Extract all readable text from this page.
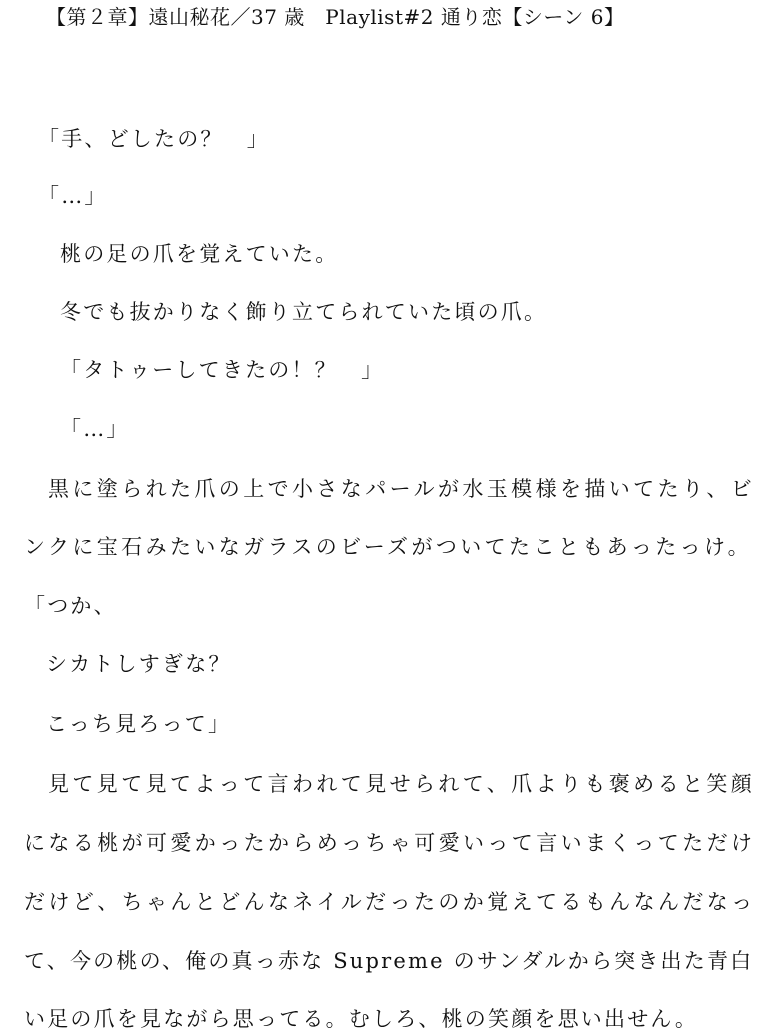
【第２章】遠山秘花／37 歳　Playlist#2 通り恋【シーン 6】
「手、どしたの？　」
「…」
桃の足の爪を覚えていた。
冬でも抜かりなく飾り立てられていた頃の爪。
「タトゥーしてきたの！？　」
「…」
黒に塗られた爪の上で小さなパールが水玉模様を描いてたり、ビ
ンクに宝石みたいなガラスのビーズがついてたこともあったっけ。
「つか、
シカトしすぎな？
こっち見ろって」
見て見て見てよって言われて見せられて、爪よりも褒めると笑顔
になる桃が可愛かったからめっちゃ可愛いって言いまくってただけ
だけど、ちゃんとどんなネイルだったのか覚えてるもんなんだなっ
て、今の桃の、俺の真っ赤な Supreme のサンダルから突き出た青白
い足の爪を見ながら思ってる。むしろ、桃の笑顔を思い出せん。
